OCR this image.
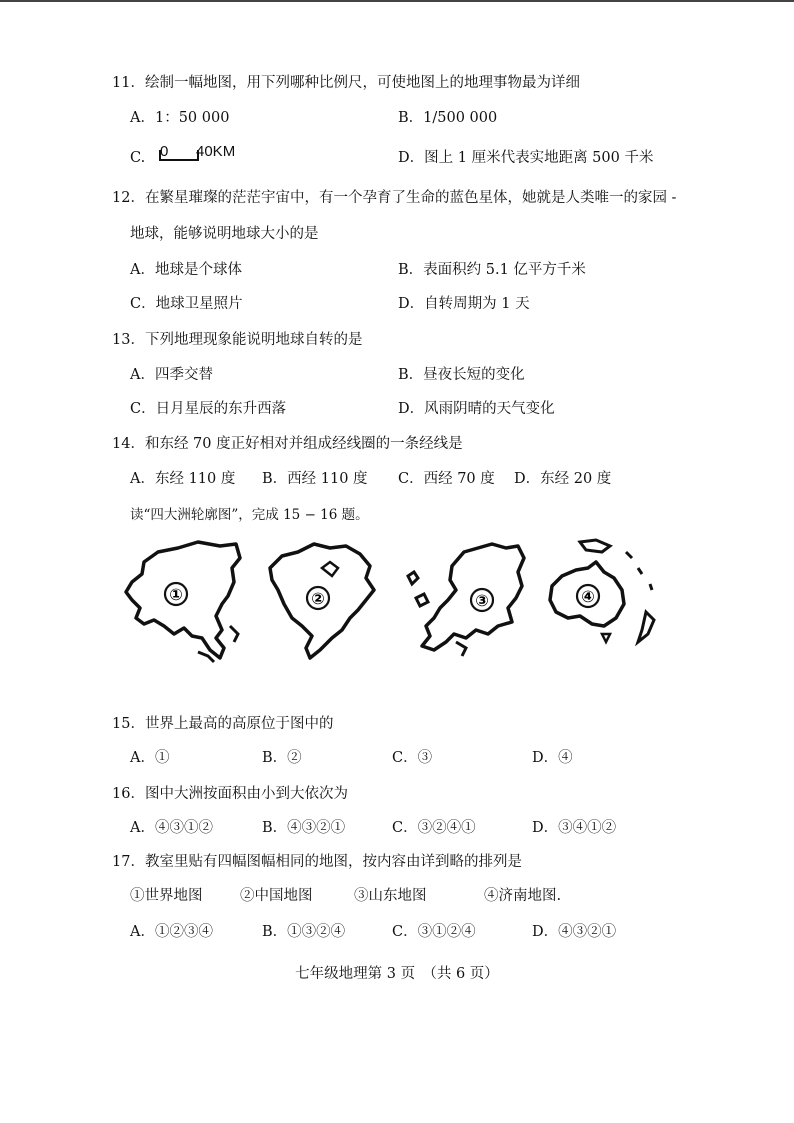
11．绘制一幅地图，用下列哪种比例尺，可使地图上的地理事物最为详细
A．1：50 000	B．1/500 000
C. 0 40KM	D．图上 1 厘米代表实地距离 500 千米
12．在繁星璀璨的茫茫宇宙中，有一个孕育了生命的蓝色星体，她就是人类唯一的家园 -
地球，能够说明地球大小的是
A．地球是个球体	B．表面积约 5.1 亿平方千米
C．地球卫星照片	D．自转周期为 1 天
13．下列地理现象能说明地球自转的是
A．四季交替	B．昼夜长短的变化
C．日月星辰的东升西落	D．风雨阴晴的天气变化
14．和东经 70 度正好相对并组成经线圈的一条经线是
A．东经 110 度 B．西经 110 度 C．西经 70 度 D．东经 20 度
读“四大洲轮廓图”，完成 15 − 16 题。
①	②	③	④
15．世界上最高的高原位于图中的
A．①	B．②	C．③	D．④
16．图中大洲按面积由小到大依次为
A．④③①②	B．④③②①	C．③②④①	D．③④①②
17．教室里贴有四幅图幅相同的地图，按内容由详到略的排列是
①世界地图	②中国地图	③山东地图	④济南地图.
A．①②③④	B．①③②④	C．③①②④	D．④③②①
七年级地理第 3 页　（共 6 页）
